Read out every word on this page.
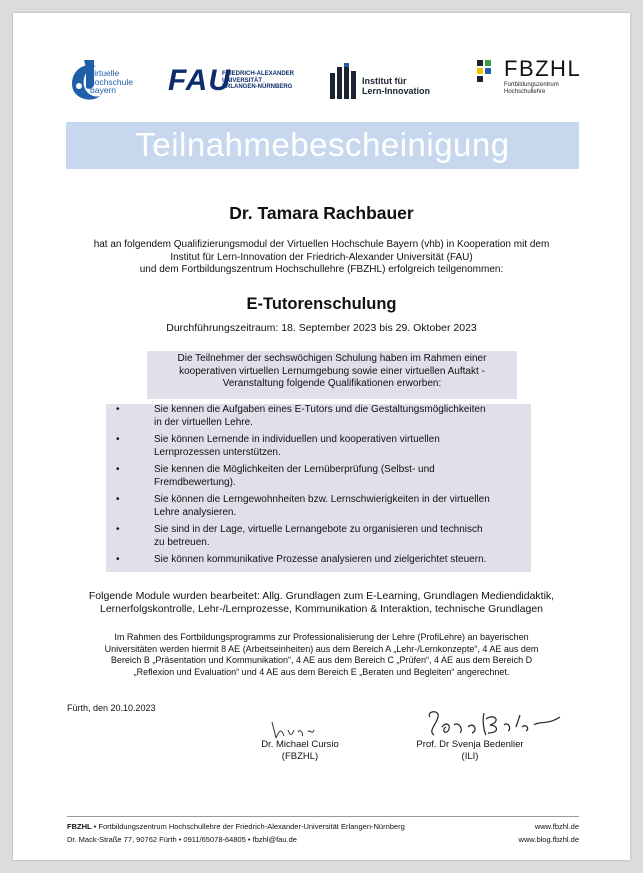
virtuelle
hochschule
bayern	FAU
FRIEDRICH-ALEXANDER
UNIVERSITÄT
ERLANGEN-NÜRNBERG
Institut für
Lern-Innovation
FBZHL
Fortbildungszentrum
Hochschullehre
Teilnahmebescheinigung
Dr. Tamara Rachbauer
hat an folgendem Qualifizierungsmodul der Virtuellen Hochschule Bayern (vhb) in Kooperation mit dem
Institut für Lern-Innovation der Friedrich-Alexander Universität (FAU)
und dem Fortbildungszentrum Hochschullehre (FBZHL) erfolgreich teilgenommen:
E-Tutorenschulung
Durchführungszeitraum: 18. September 2023 bis 29. Oktober 2023
Die Teilnehmer der sechswöchigen Schulung haben im Rahmen einer
kooperativen virtuellen Lernumgebung sowie einer virtuellen Auftakt -
Veranstaltung folgende Qualifikationen erworben:
• Sie kennen die Aufgaben eines E-Tutors und die Gestaltungsmöglichkeiten
in der virtuellen Lehre.
• Sie können Lernende in individuellen und kooperativen virtuellen
Lernprozessen unterstützen.
• Sie kennen die Möglichkeiten der Lernüberprüfung (Selbst- und
Fremdbewertung).
• Sie können die Lerngewohnheiten bzw. Lernschwierigkeiten in der virtuellen
Lehre analysieren.
• Sie sind in der Lage, virtuelle Lernangebote zu organisieren und technisch
zu betreuen.
• Sie können kommunikative Prozesse analysieren und zielgerichtet steuern.
Folgende Module wurden bearbeitet: Allg. Grundlagen zum E-Learning, Grundlagen Mediendidaktik,
Lernerfolgskontrolle, Lehr-/Lernprozesse, Kommunikation & Interaktion, technische Grundlagen
Im Rahmen des Fortbildungsprogramms zur Professionalisierung der Lehre (ProfiLehre) an bayerischen
Universitäten werden hiermit 8 AE (Arbeitseinheiten) aus dem Bereich A „Lehr-/Lernkonzepte“, 4 AE aus dem
Bereich B „Präsentation und Kommunikation“, 4 AE aus dem Bereich C „Prüfen“, 4 AE aus dem Bereich D
„Reflexion und Evaluation“ und 4 AE aus dem Bereich E „Beraten und Begleiten“ angerechnet.
Fürth, den 20.10.2023
Dr. Michael Cursio
(FBZHL)
Prof. Dr Svenja Bedenlier
(ILI)
FBZHL • Fortbildungszentrum Hochschullehre der Friedrich-Alexander-Universität Erlangen-Nürnberg
Dr. Mack-Straße 77, 90762 Fürth • 0911/65078-64805 • fbzhl@fau.de
www.fbzhl.de
www.blog.fbzhl.de
